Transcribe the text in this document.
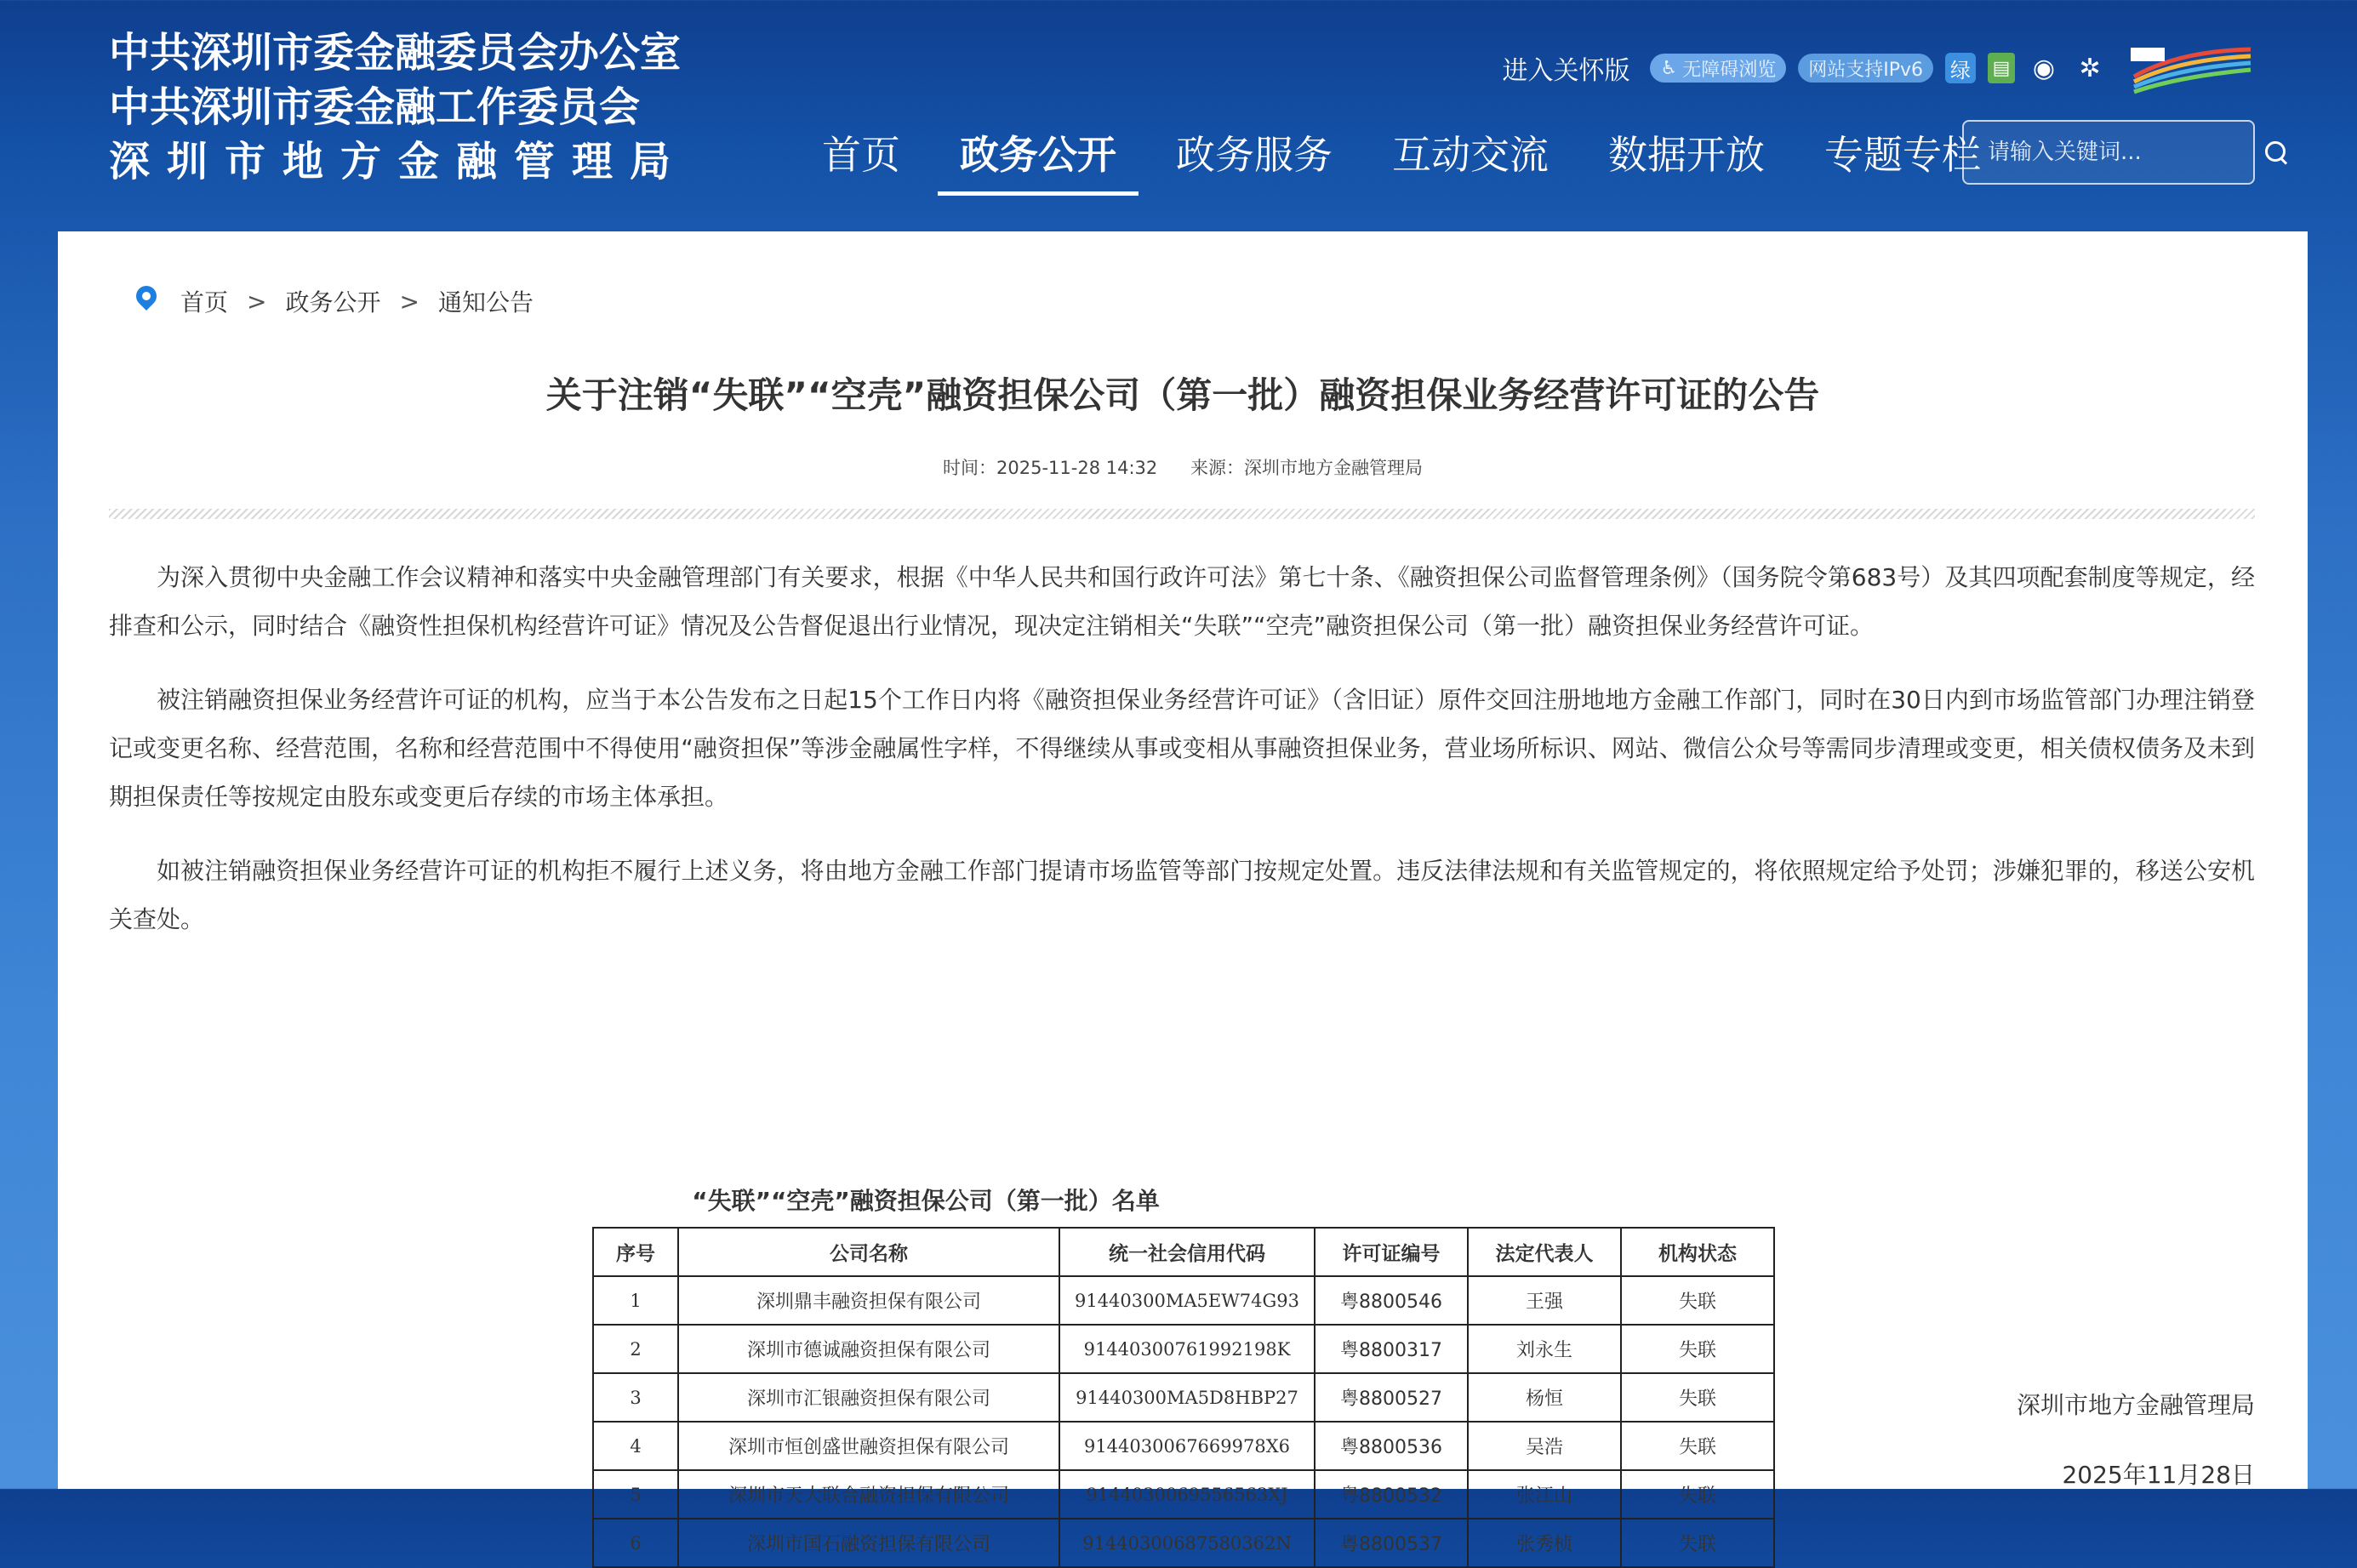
中共深圳市委金融委员会办公室
中共深圳市委金融工作委员会
深圳市地方金融管理局
进入关怀版 ♿ 无障碍浏览 网站支持IPv6 绿 ▤ ◉ ✲
首页	政务公开	政务服务	互动交流	数据开放	专题专栏
请输入关键词...
首页 > 政务公开 > 通知公告
关于注销“失联”“空壳”融资担保公司（第一批）融资担保业务经营许可证的公告
时间：2025-11-28 14:32 来源：深圳市地方金融管理局

为深入贯彻中央金融工作会议精神和落实中央金融管理部门有关要求，根据《中华人民共和国行政许可法》第七十条、《融资担保公司监督管理条例》（国务院令第683号）及其四项配套制度等规定，经排查和公示，同时结合《融资性担保机构经营许可证》情况及公告督促退出行业情况，现决定注销相关“失联”“空壳”融资担保公司（第一批）融资担保业务经营许可证。

被注销融资担保业务经营许可证的机构，应当于本公告发布之日起15个工作日内将《融资担保业务经营许可证》（含旧证）原件交回注册地地方金融工作部门，同时在30日内到市场监管部门办理注销登记或变更名称、经营范围，名称和经营范围中不得使用“融资担保”等涉金融属性字样，不得继续从事或变相从事融资担保业务，营业场所标识、网站、微信公众号等需同步清理或变更，相关债权债务及未到期担保责任等按规定由股东或变更后存续的市场主体承担。

如被注销融资担保业务经营许可证的机构拒不履行上述义务，将由地方金融工作部门提请市场监管等部门按规定处置。违反法律法规和有关监管规定的，将依照规定给予处罚；涉嫌犯罪的，移送公安机关查处。

“失联”“空壳”融资担保公司（第一批）名单
序号	公司名称	统一社会信用代码	许可证编号	法定代表人	机构状态
1	深圳鼎丰融资担保有限公司	91440300MA5EW74G93	粤8800546	王强	失联
2	深圳市德诚融资担保有限公司	91440300761992198K	粤8800317	刘永生	失联
3	深圳市汇银融资担保有限公司	91440300MA5D8HBP27	粤8800527	杨恒	失联
4	深圳市恒创盛世融资担保有限公司	9144030067669978X6	粤8800536	吴浩	失联
5	深圳市天大联合融资担保有限公司	9144030069556563XJ	粤8800532	张江山	失联
6	深圳市国石融资担保有限公司	91440300687580362N	粤8800537	张秀桢	失联
深圳市地方金融管理局
2025年11月28日
